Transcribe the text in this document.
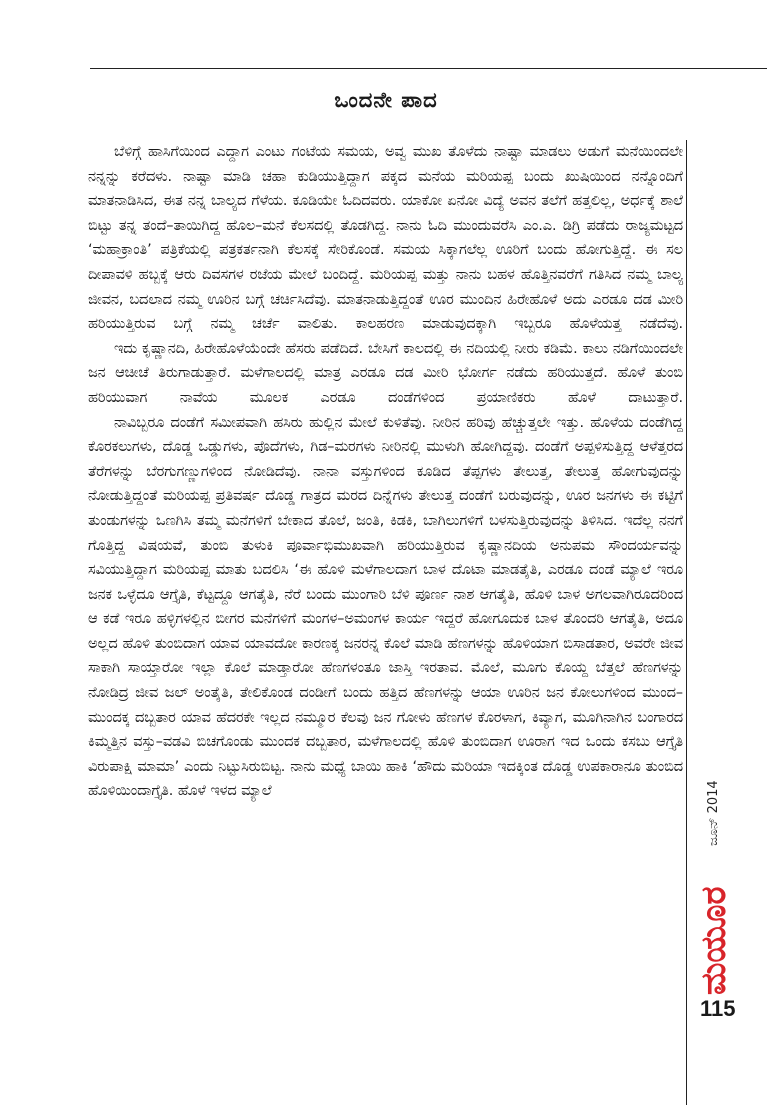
ಒಂದನೇ ಪಾದ

ಬೆಳಿಗ್ಗೆ ಹಾಸಿಗೆಯಿಂದ ಎದ್ದಾಗ ಎಂಟು ಗಂಟೆಯ ಸಮಯ, ಅವ್ವ ಮುಖ ತೊಳೆದು ನಾಷ್ಟಾ ಮಾಡಲು ಅಡುಗೆ ಮನೆಯಿಂದಲೇ ನನ್ನನ್ನು ಕರೆದಳು. ನಾಷ್ಟಾ ಮಾಡಿ ಚಹಾ ಕುಡಿಯುತ್ತಿದ್ದಾಗ ಪಕ್ಕದ ಮನೆಯ ಮರಿಯಪ್ಪ ಬಂದು ಖುಷಿಯಿಂದ ನನ್ನೊಂದಿಗೆ ಮಾತನಾಡಿಸಿದ, ಈತ ನನ್ನ ಬಾಲ್ಯದ ಗೆಳೆಯ. ಕೂಡಿಯೇ ಓದಿದವರು. ಯಾಕೋ ಏನೋ ವಿದ್ಯೆ ಅವನ ತಲೆಗೆ ಹತ್ತಲಿಲ್ಲ, ಅರ್ಧಕ್ಕೆ ಶಾಲೆ ಬಿಟ್ಟು ತನ್ನ ತಂದೆ–ತಾಯಿಗಿದ್ದ ಹೊಲ–ಮನೆ ಕೆಲಸದಲ್ಲಿ ತೊಡಗಿದ್ದ. ನಾನು ಓದಿ ಮುಂದುವರೆಸಿ ಎಂ.ಎ. ಡಿಗ್ರಿ ಪಡೆದು ರಾಜ್ಯಮಟ್ಟದ ‘ಮಹಾಕ್ರಾಂತಿ’ ಪತ್ರಿಕೆಯಲ್ಲಿ ಪತ್ರಕರ್ತನಾಗಿ ಕೆಲಸಕ್ಕೆ ಸೇರಿಕೊಂಡೆ. ಸಮಯ ಸಿಕ್ಕಾಗಲೆಲ್ಲ ಊರಿಗೆ ಬಂದು ಹೋಗುತ್ತಿದ್ದೆ. ಈ ಸಲ ದೀಪಾವಳಿ ಹಬ್ಬಕ್ಕೆ ಆರು ದಿವಸಗಳ ರಜೆಯ ಮೇಲೆ ಬಂದಿದ್ದೆ. ಮರಿಯಪ್ಪ ಮತ್ತು ನಾನು ಬಹಳ ಹೊತ್ತಿನವರೆಗೆ ಗತಿಸಿದ ನಮ್ಮ ಬಾಲ್ಯ ಜೀವನ, ಬದಲಾದ ನಮ್ಮ ಊರಿನ ಬಗ್ಗೆ ಚರ್ಚಿಸಿದೆವು. ಮಾತನಾಡುತ್ತಿದ್ದಂತೆ ಊರ ಮುಂದಿನ ಹಿರೇಹೊಳೆ ಅದು ಎರಡೂ ದಡ ಮೀರಿ ಹರಿಯುತ್ತಿರುವ ಬಗ್ಗೆ ನಮ್ಮ ಚರ್ಚೆ ವಾಲಿತು. ಕಾಲಹರಣ ಮಾಡುವುದಕ್ಕಾಗಿ ಇಬ್ಬರೂ ಹೊಳೆಯತ್ತ ನಡೆದೆವು.

ಇದು ಕೃಷ್ಣಾನದಿ, ಹಿರೇಹೊಳೆಯೆಂದೇ ಹೆಸರು ಪಡೆದಿದೆ. ಬೇಸಿಗೆ ಕಾಲದಲ್ಲಿ ಈ ನದಿಯಲ್ಲಿ ನೀರು ಕಡಿಮೆ. ಕಾಲು ನಡಿಗೆಯಿಂದಲೇ ಜನ ಆಚೀಚೆ ತಿರುಗಾಡುತ್ತಾರೆ. ಮಳೆಗಾಲದಲ್ಲಿ ಮಾತ್ರ ಎರಡೂ ದಡ ಮೀರಿ ಭೋರ್ಗ ನಡೆದು ಹರಿಯುತ್ತದೆ. ಹೊಳೆ ತುಂಬಿ ಹರಿಯುವಾಗ ನಾವೆಯ ಮೂಲಕ ಎರಡೂ ದಂಡೆಗಳಿಂದ ಪ್ರಯಾಣಿಕರು ಹೊಳೆ ದಾಟುತ್ತಾರೆ.

ನಾವಿಬ್ಬರೂ ದಂಡೆಗೆ ಸಮೀಪವಾಗಿ ಹಸಿರು ಹುಲ್ಲಿನ ಮೇಲೆ ಕುಳಿತೆವು. ನೀರಿನ ಹರಿವು ಹೆಚ್ಚುತ್ತಲೇ ಇತ್ತು. ಹೊಳೆಯ ದಂಡೆಗಿದ್ದ ಕೊರಕಲುಗಳು, ದೊಡ್ಡ ಒಡ್ಡುಗಳು, ಪೊದೆಗಳು, ಗಿಡ–ಮರಗಳು ನೀರಿನಲ್ಲಿ ಮುಳುಗಿ ಹೋಗಿದ್ದವು. ದಂಡೆಗೆ ಅಪ್ಪಳಿಸುತ್ತಿದ್ದ ಆಳೆತ್ತರದ ತೆರೆಗಳನ್ನು ಬೆರಗುಗಣ್ಣುಗಳಿಂದ ನೋಡಿದೆವು. ನಾನಾ ವಸ್ತುಗಳಿಂದ ಕೂಡಿದ ತೆಪ್ಪಗಳು ತೇಲುತ್ತ, ತೇಲುತ್ತ ಹೋಗುವುದನ್ನು ನೋಡುತ್ತಿದ್ದಂತೆ ಮರಿಯಪ್ಪ ಪ್ರತಿವರ್ಷ ದೊಡ್ಡ ಗಾತ್ರದ ಮರದ ದಿನ್ನೆಗಳು ತೇಲುತ್ತ ದಂಡೆಗೆ ಬರುವುದನ್ನು, ಊರ ಜನಗಳು ಈ ಕಟ್ಟಿಗೆ ತುಂಡುಗಳನ್ನು ಒಣಗಿಸಿ ತಮ್ಮ ಮನೆಗಳಿಗೆ ಬೇಕಾದ ತೊಲೆ, ಜಂತಿ, ಕಿಡಕಿ, ಬಾಗಿಲುಗಳಿಗೆ ಬಳಸುತ್ತಿರುವುದನ್ನು ತಿಳಿಸಿದ. ಇದೆಲ್ಲ ನನಗೆ ಗೊತ್ತಿದ್ದ ವಿಷಯವೆ, ತುಂಬಿ ತುಳುಕಿ ಪೂರ್ವಾಭಿಮುಖವಾಗಿ ಹರಿಯುತ್ತಿರುವ ಕೃಷ್ಣಾನದಿಯ ಅನುಪಮ ಸೌಂದರ್ಯವನ್ನು ಸವಿಯುತ್ತಿದ್ದಾಗ ಮರಿಯಪ್ಪ ಮಾತು ಬದಲಿಸಿ ‘ಈ ಹೊಳಿ ಮಳೆಗಾಲದಾಗ ಬಾಳ ದೊಟಾ ಮಾಡತೈತಿ, ಎರಡೂ ದಂಡೆ ಮ್ಯಾಲೆ ಇರೂ ಜನಕ ಒಳ್ಳೆದೂ ಆಗ್ತೈತಿ, ಕೆಟ್ಟದ್ದೂ ಆಗತೈತಿ, ನೆರೆ ಬಂದು ಮುಂಗಾರಿ ಬೆಳಿ ಪೂರ್ಣ ನಾಶ ಆಗತೈತಿ, ಹೊಳಿ ಬಾಳ ಅಗಲವಾಗಿರೂದರಿಂದ ಆ ಕಡೆ ಇರೂ ಹಳ್ಳಿಗಳಲ್ಲಿನ ಬೀಗರ ಮನೆಗಳಿಗೆ ಮಂಗಳ–ಅಮಂಗಳ ಕಾರ್ಯ ಇದ್ದರೆ ಹೋಗೂದುಕ ಬಾಳ ತೊಂದರಿ ಆಗತೈತಿ, ಅದೂ ಅಲ್ಲದ ಹೊಳಿ ತುಂಬಿದಾಗ ಯಾವ ಯಾವದೋ ಕಾರಣಕ್ಕ ಜನರನ್ನ ಕೊಲೆ ಮಾಡಿ ಹೆಣಗಳನ್ನು ಹೊಳಿಯಾಗ ಬಿಸಾಡತಾರ, ಅವರೇ ಜೀವ ಸಾಕಾಗಿ ಸಾಯ್ತಾರೋ ಇಲ್ಲಾ ಕೊಲೆ ಮಾಡ್ತಾರೋ ಹೆಣಗಳಂತೂ ಜಾಸ್ತಿ ಇರತಾವ. ಮೊಲೆ, ಮೂಗು ಕೊಯ್ದ ಬೆತ್ತಲೆ ಹೆಣಗಳನ್ನು ನೋಡಿದ್ರ ಜೀವ ಜಲ್ ಅಂತೈತಿ, ತೇಲಿಕೊಂಡ ದಂಡೀಗೆ ಬಂದು ಹತ್ತಿದ ಹೆಣಗಳನ್ನು ಆಯಾ ಊರಿನ ಜನ ಕೋಲುಗಳಿಂದ ಮುಂದ–ಮುಂದಕ್ಕ ದಬ್ಬತಾರ ಯಾವ ಹೆದರಕೇ ಇಲ್ಲದ ನಮ್ಮೂರ ಕೆಲವು ಜನ ಗೋಳು ಹೆಣಗಳ ಕೊರಳಾಗ, ಕಿವ್ಯಾಗ, ಮೂಗಿನಾಗಿನ ಬಂಗಾರದ ಕಿಮ್ಮತ್ತಿನ ವಸ್ತು–ವಡವಿ ಬಿಚಗೊಂಡು ಮುಂದಕ ದಬ್ಬತಾರ, ಮಳೆಗಾಲದಲ್ಲಿ ಹೊಳಿ ತುಂಬಿದಾಗ ಊರಾಗ ಇದ ಒಂದು ಕಸಬು ಆಗ್ತೈತಿ ವಿರುಪಾಕ್ಷಿ ಮಾಮಾ’ ಎಂದು ನಿಟ್ಟುಸಿರುಬಿಟ್ಟ. ನಾನು ಮಧ್ಯೆ ಬಾಯಿ ಹಾಕಿ ‘ಹೌದು ಮರಿಯಾ ಇದಕ್ಕಿಂತ ದೊಡ್ಡ ಉಪಕಾರಾನೂ ತುಂಬಿದ ಹೊಳಿಯಿಂದಾಗ್ತೈತಿ. ಹೊಳೆ ಇಳದ ಮ್ಯಾಲೆ	ಜೂನ್ 2014
ಮಯೂರ
115
